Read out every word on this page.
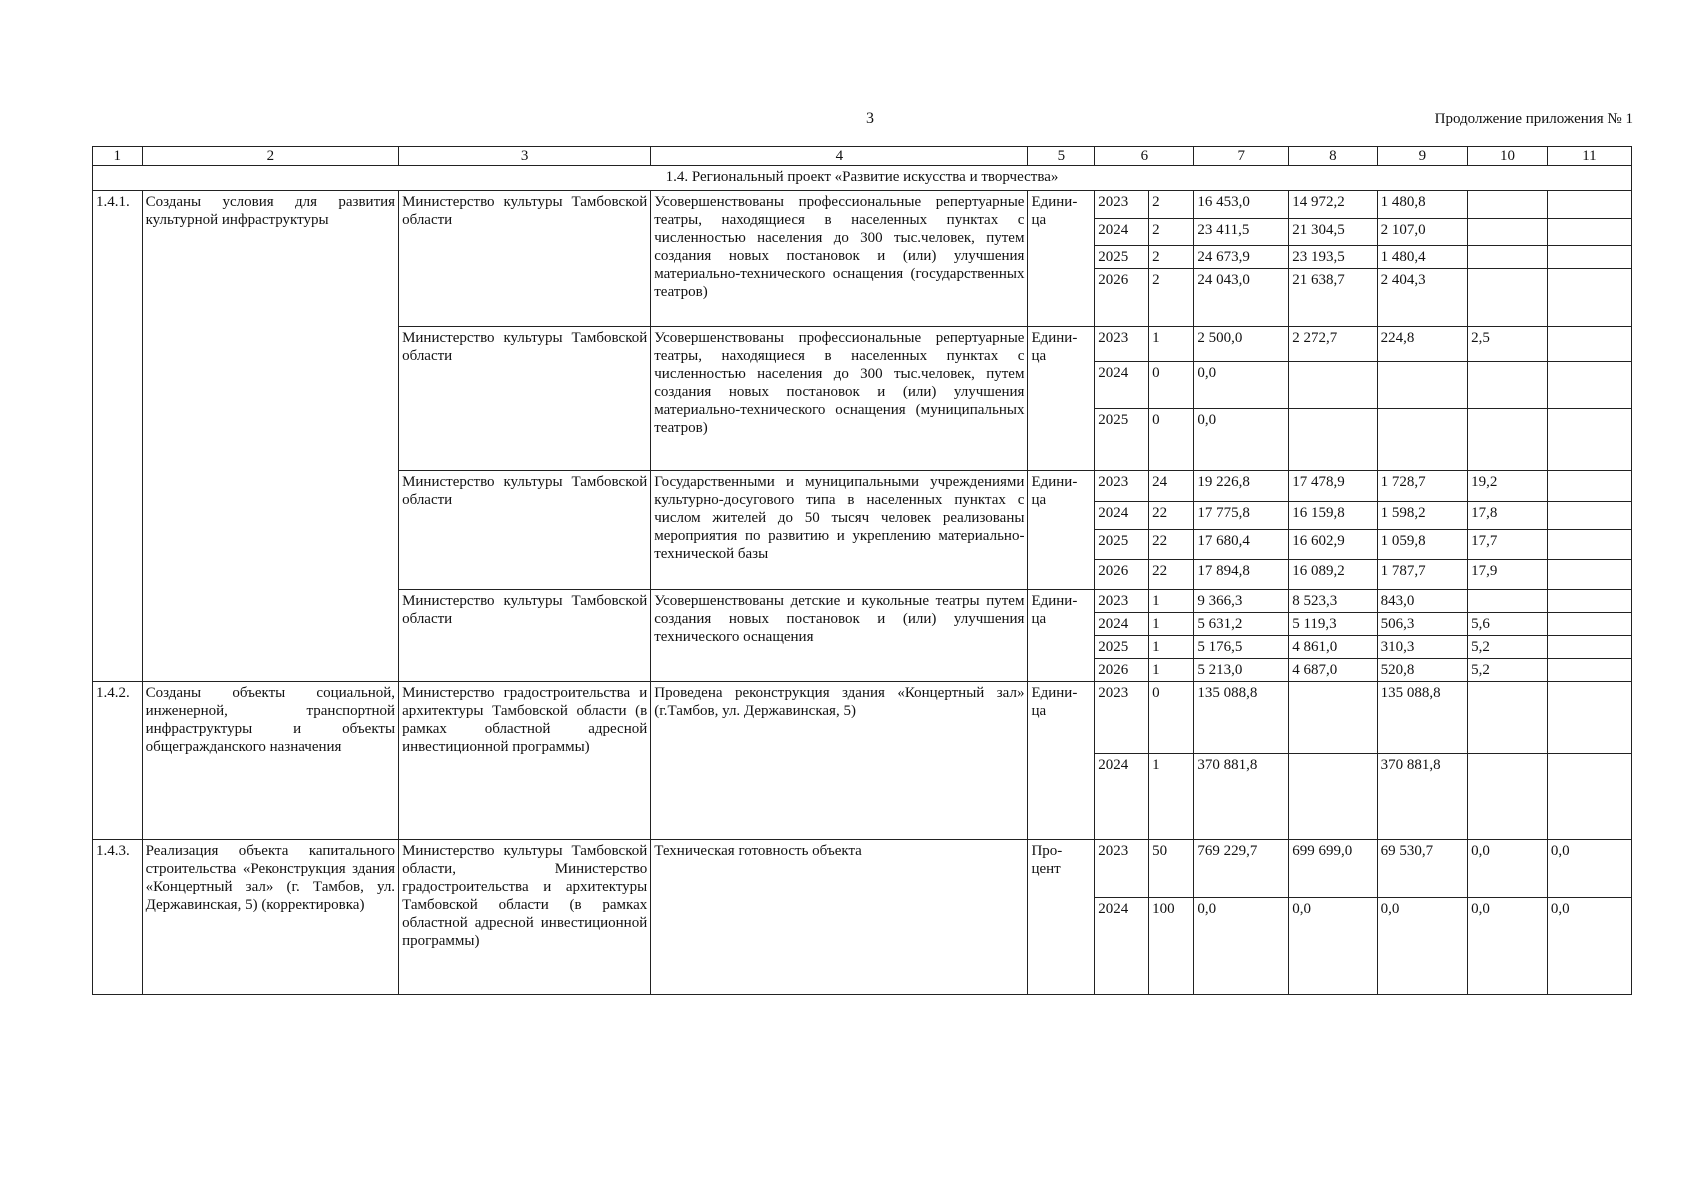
3	Продолжение приложения № 1
1	2	3	4	5	6		7	8	9	10	11
1.4. Региональный проект «Развитие искусства и творчества»											
1.4.1.	Созданы условия для развития культурной инфраструктуры	Министерство культуры Тамбовской области	Усовершенствованы профессиональные репертуарные театры, находящиеся в населенных пунктах с численностью населения до 300 тыс.человек, путем создания новых постановок и (или) улучшения материально-технического оснащения (государственных театров)	Едини-ца	2023	2	16 453,0	14 972,2	1 480,8		
					2024	2	23 411,5	21 304,5	2 107,0		
					2025	2	24 673,9	23 193,5	1 480,4		
					2026	2	24 043,0	21 638,7	2 404,3		
		Министерство культуры Тамбовской области	Усовершенствованы профессиональные репертуарные театры, находящиеся в населенных пунктах с численностью населения до 300 тыс.человек, путем создания новых постановок и (или) улучшения материально-технического оснащения (муниципальных театров)	Едини-ца	2023	1	2 500,0	2 272,7	224,8	2,5	
					2024	0	0,0				
					2025	0	0,0				
		Министерство культуры Тамбовской области	Государственными и муниципальными учреждениями культурно-досугового типа в населенных пунктах с числом жителей до 50 тысяч человек реализованы мероприятия по развитию и укреплению материально-технической базы	Едини-ца	2023	24	19 226,8	17 478,9	1 728,7	19,2	
					2024	22	17 775,8	16 159,8	1 598,2	17,8	
					2025	22	17 680,4	16 602,9	1 059,8	17,7	
					2026	22	17 894,8	16 089,2	1 787,7	17,9	
		Министерство культуры Тамбовской области	Усовершенствованы детские и кукольные театры путем создания новых постановок и (или) улучшения технического оснащения	Едини-ца	2023	1	9 366,3	8 523,3	843,0		
					2024	1	5 631,2	5 119,3	506,3	5,6	
					2025	1	5 176,5	4 861,0	310,3	5,2	
					2026	1	5 213,0	4 687,0	520,8	5,2	
1.4.2.	Созданы объекты социальной, инженерной, транспортной инфраструктуры и объекты общегражданского назначения	Министерство градостроительства и архитектуры Тамбовской области (в рамках областной адресной инвестиционной программы)	Проведена реконструкция здания «Концертный зал» (г.Тамбов, ул. Державинская, 5)	Едини-ца	2023	0	135 088,8		135 088,8		
					2024	1	370 881,8		370 881,8		
1.4.3.	Реализация объекта капитального строительства «Реконструкция здания «Концертный зал» (г. Тамбов, ул. Державинская, 5) (корректировка)	Министерство культуры Тамбовской области, Министерство градостроительства и архитектуры Тамбовской области (в рамках областной адресной инвестиционной программы)	Техническая готовность объекта	Про-цент	2023	50	769 229,7	699 699,0	69 530,7	0,0	0,0
					2024	100	0,0	0,0	0,0	0,0	0,0
